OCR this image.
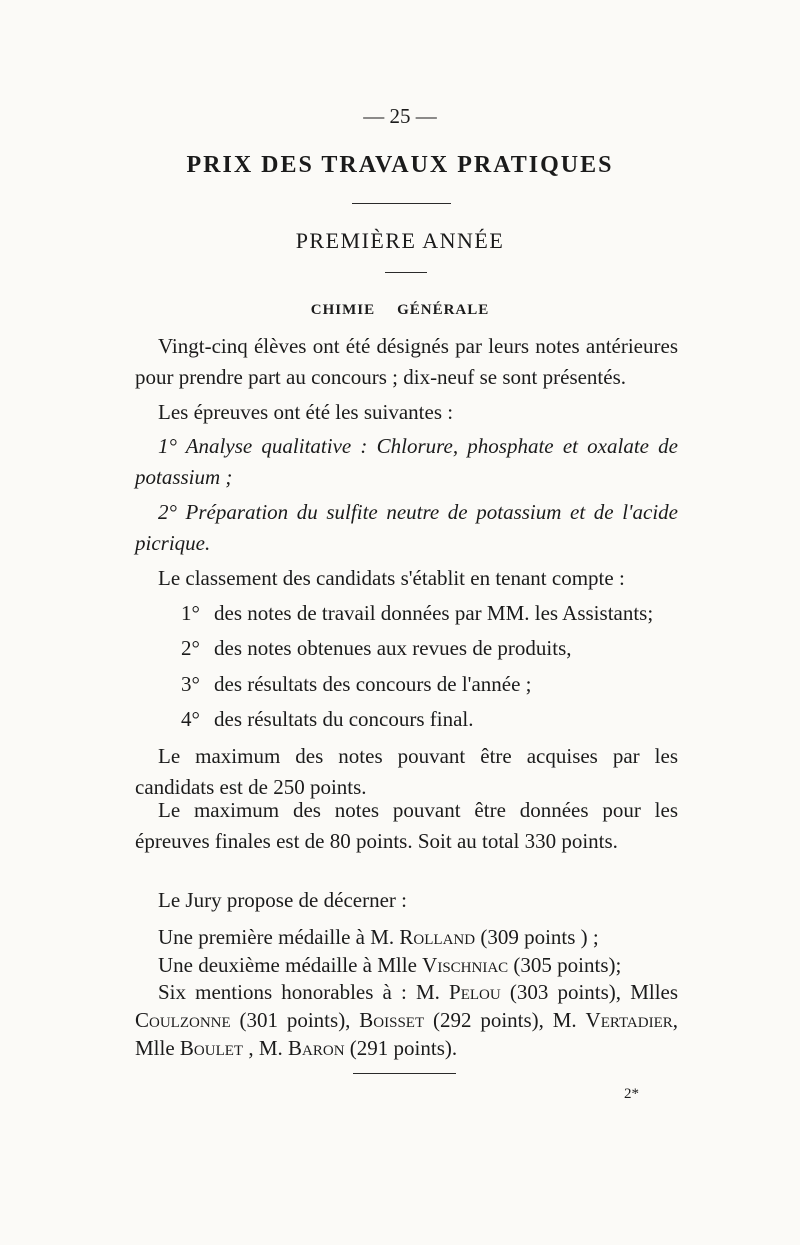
— 25 —
PRIX DES TRAVAUX PRATIQUES
PREMIÈRE ANNÉE
CHIMIE GÉNÉRALE
Vingt-cinq élèves ont été désignés par leurs notes antérieures pour prendre part au concours ; dix-neuf se sont présentés.
Les épreuves ont été les suivantes :
1° Analyse qualitative : Chlorure, phosphate et oxalate de potassium ;
2° Préparation du sulfite neutre de potassium et de l'acide picrique.
Le classement des candidats s'établit en tenant compte :
1° des notes de travail données par MM. les Assistants;
2° des notes obtenues aux revues de produits,
3° des résultats des concours de l'année ;
4° des résultats du concours final.
Le maximum des notes pouvant être acquises par les candidats est de 250 points.
Le maximum des notes pouvant être données pour les épreuves finales est de 80 points. Soit au total 330 points.
Le Jury propose de décerner :
Une première médaille à M. Rolland (309 points ) ;
Une deuxième médaille à Mlle Vischniac (305 points);
Six mentions honorables à : M. Pelou (303 points), Mlles Coulzonne (301 points), Boisset (292 points), M. Vertadier, Mlle Boulet , M. Baron (291 points).
2*
